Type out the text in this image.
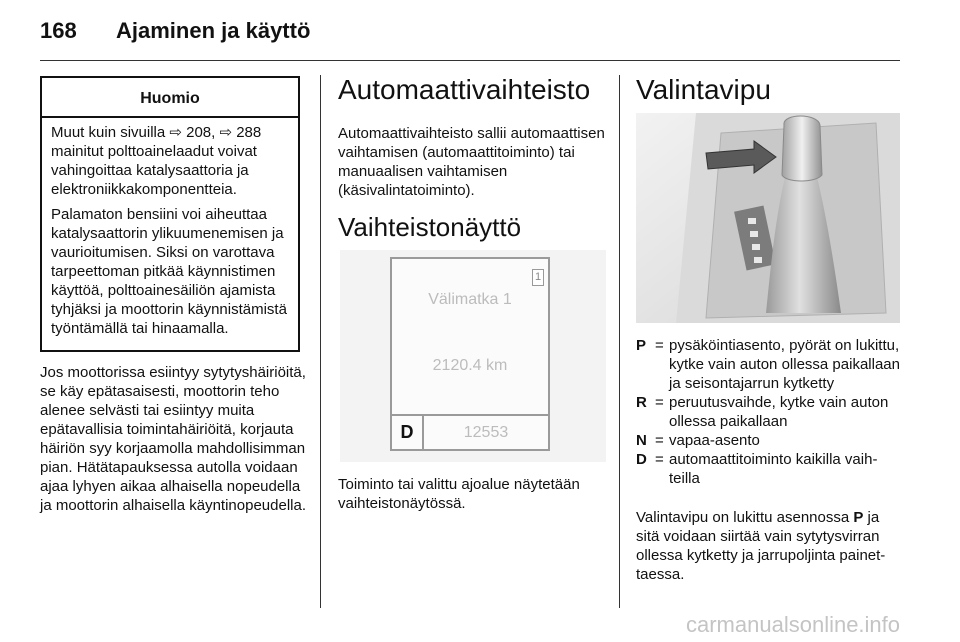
168 Ajaminen ja käyttö
Huomio

Muut kuin sivuilla ⇨ 208, ⇨ 288 mainitut polttoainelaadut voivat vahingoittaa katalysaattoria ja elektroniikkakomponentteia.

Palamaton bensiini voi aiheuttaa katalysaattorin ylikuumenemisen ja vaurioitumisen. Siksi on varottava tarpeettoman pitkää käynnistimen käyttöä, polttoainesäiliön ajamista tyhjäksi ja moottorin käynnistämistä työntämällä tai hinaamalla.

Jos moottorissa esiintyy sytytyshäiriöitä, se käy epätasaisesti, moottorin teho alenee selvästi tai esiintyy muita epätavallisia toimintahäiriöitä, korjauta häiriön syy korjaamolla mahdollisimman pian. Hätätapauksessa autolla voidaan ajaa lyhyen aikaa alhaisella nopeudella ja moottorin alhaisella käyntinopeudella.
Automaattivaihteisto
Automaattivaihteisto sallii automaattisen vaihtamisen (automaattitoiminto) tai manuaalisen vaihtamisen (käsivalintatoiminto).
Vaihteistonäyttö
1
Välimatka 1
2120.4 km
D	12553
Toiminto tai valittu ajoalue näytetään vaihteistonäytössä.
Valintavipu
P = pysäköintiasento, pyörät on lukittu, kytke vain auton ollessa paikallaan ja seisontajarrun kytketty
R = peruutusvaihde, kytke vain auton ollessa paikallaan
N = vapaa-asento
D = automaattitoiminto kaikilla vaihteilla
Valintavipu on lukittu asennossa P ja sitä voidaan siirtää vain sytytysvirran ollessa kytketty ja jarrupoljinta painettaessa.
carmanualsonline.info
